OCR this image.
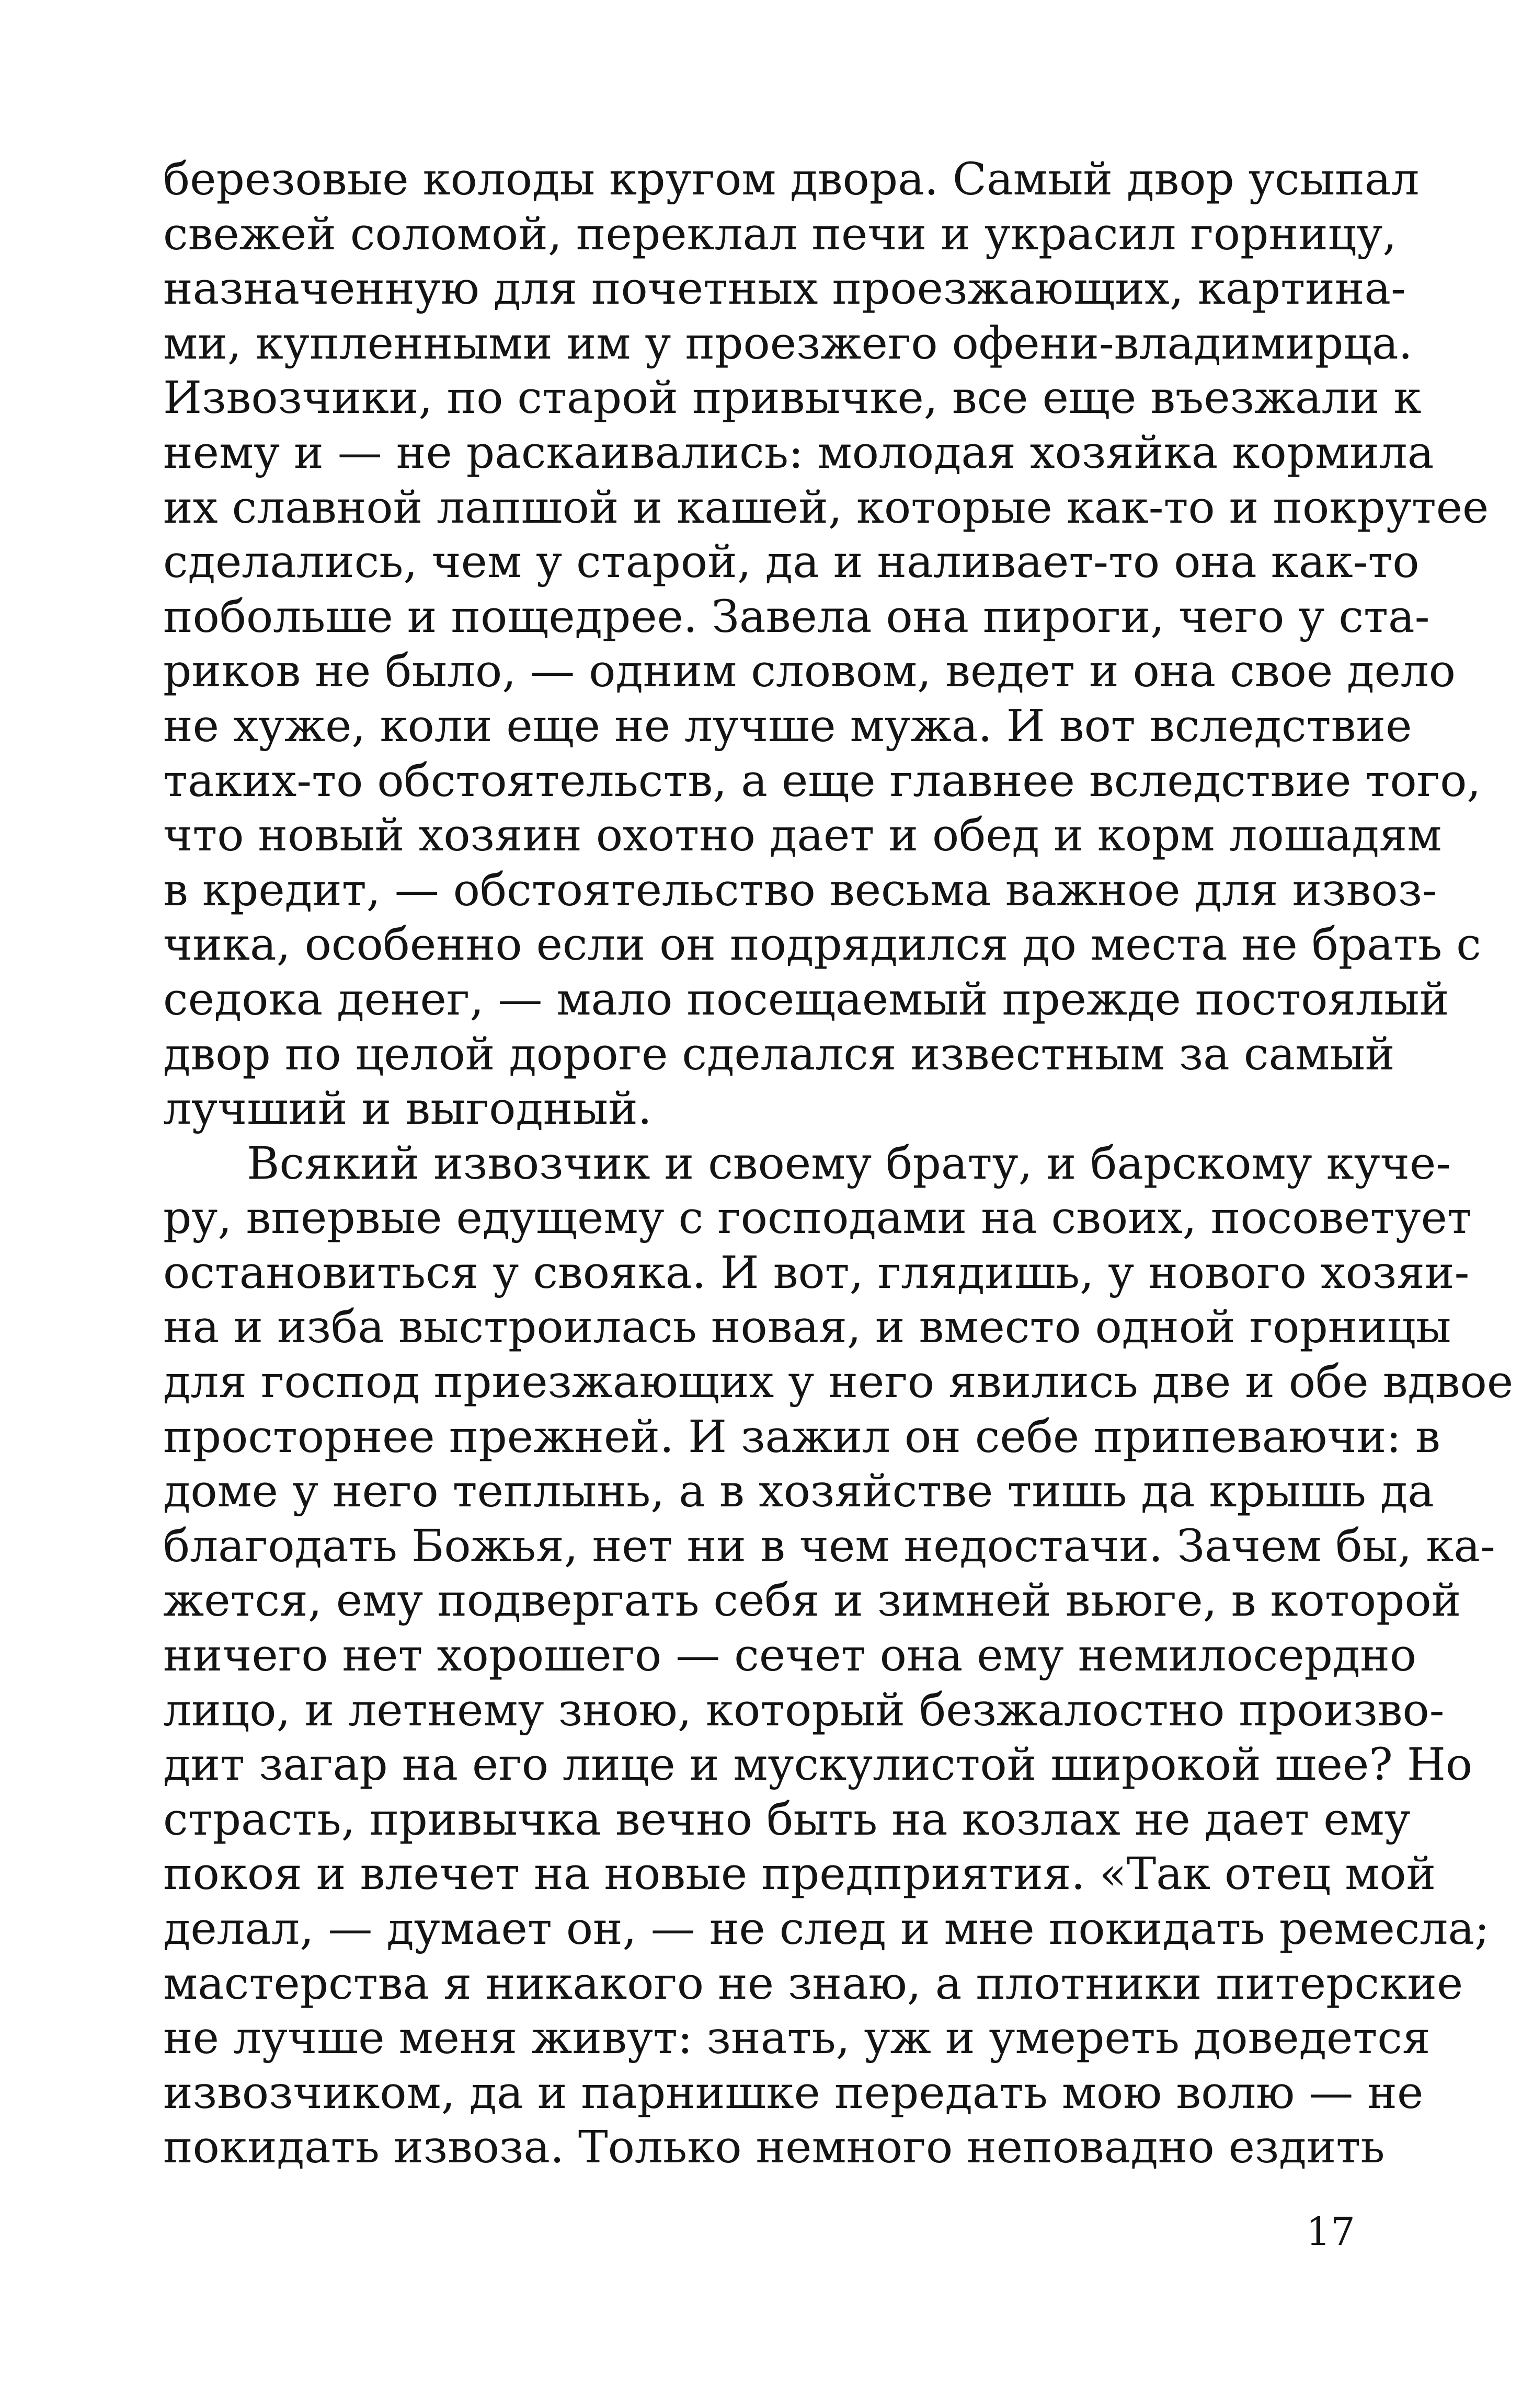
березовые колоды кругом двора. Самый двор усыпал
свежей соломой, переклал печи и украсил горницу,
назначенную для почетных проезжающих, картина-
ми, купленными им у проезжего офени-владимирца.
Извозчики, по старой привычке, все еще въезжали к
нему и — не раскаивались: молодая хозяйка кормила
их славной лапшой и кашей, которые как-то и покрутее
сделались, чем у старой, да и наливает-то она как-то
побольше и пощедрее. Завела она пироги, чего у ста-
риков не было, — одним словом, ведет и она свое дело
не хуже, коли еще не лучше мужа. И вот вследствие
таких-то обстоятельств, а еще главнее вследствие того,
что новый хозяин охотно дает и обед и корм лошадям
в кредит, — обстоятельство весьма важное для извоз-
чика, особенно если он подрядился до места не брать с
седока денег, — мало посещаемый прежде постоялый
двор по целой дороге сделался известным за самый
лучший и выгодный.
Всякий извозчик и своему брату, и барскому куче-
ру, впервые едущему с господами на своих, посоветует
остановиться у свояка. И вот, глядишь, у нового хозяи-
на и изба выстроилась новая, и вместо одной горницы
для господ приезжающих у него явились две и обе вдвое
просторнее прежней. И зажил он себе припеваючи: в
доме у него теплынь, а в хозяйстве тишь да крышь да
благодать Божья, нет ни в чем недостачи. Зачем бы, ка-
жется, ему подвергать себя и зимней вьюге, в которой
ничего нет хорошего — сечет она ему немилосердно
лицо, и летнему зною, который безжалостно произво-
дит загар на его лице и мускулистой широкой шее? Но
страсть, привычка вечно быть на козлах не дает ему
покоя и влечет на новые предприятия. «Так отец мой
делал, — думает он, — не след и мне покидать ремесла;
мастерства я никакого не знаю, а плотники питерские
не лучше меня живут: знать, уж и умереть доведется
извозчиком, да и парнишке передать мою волю — не
покидать извоза. Только немного неповадно ездить
17
